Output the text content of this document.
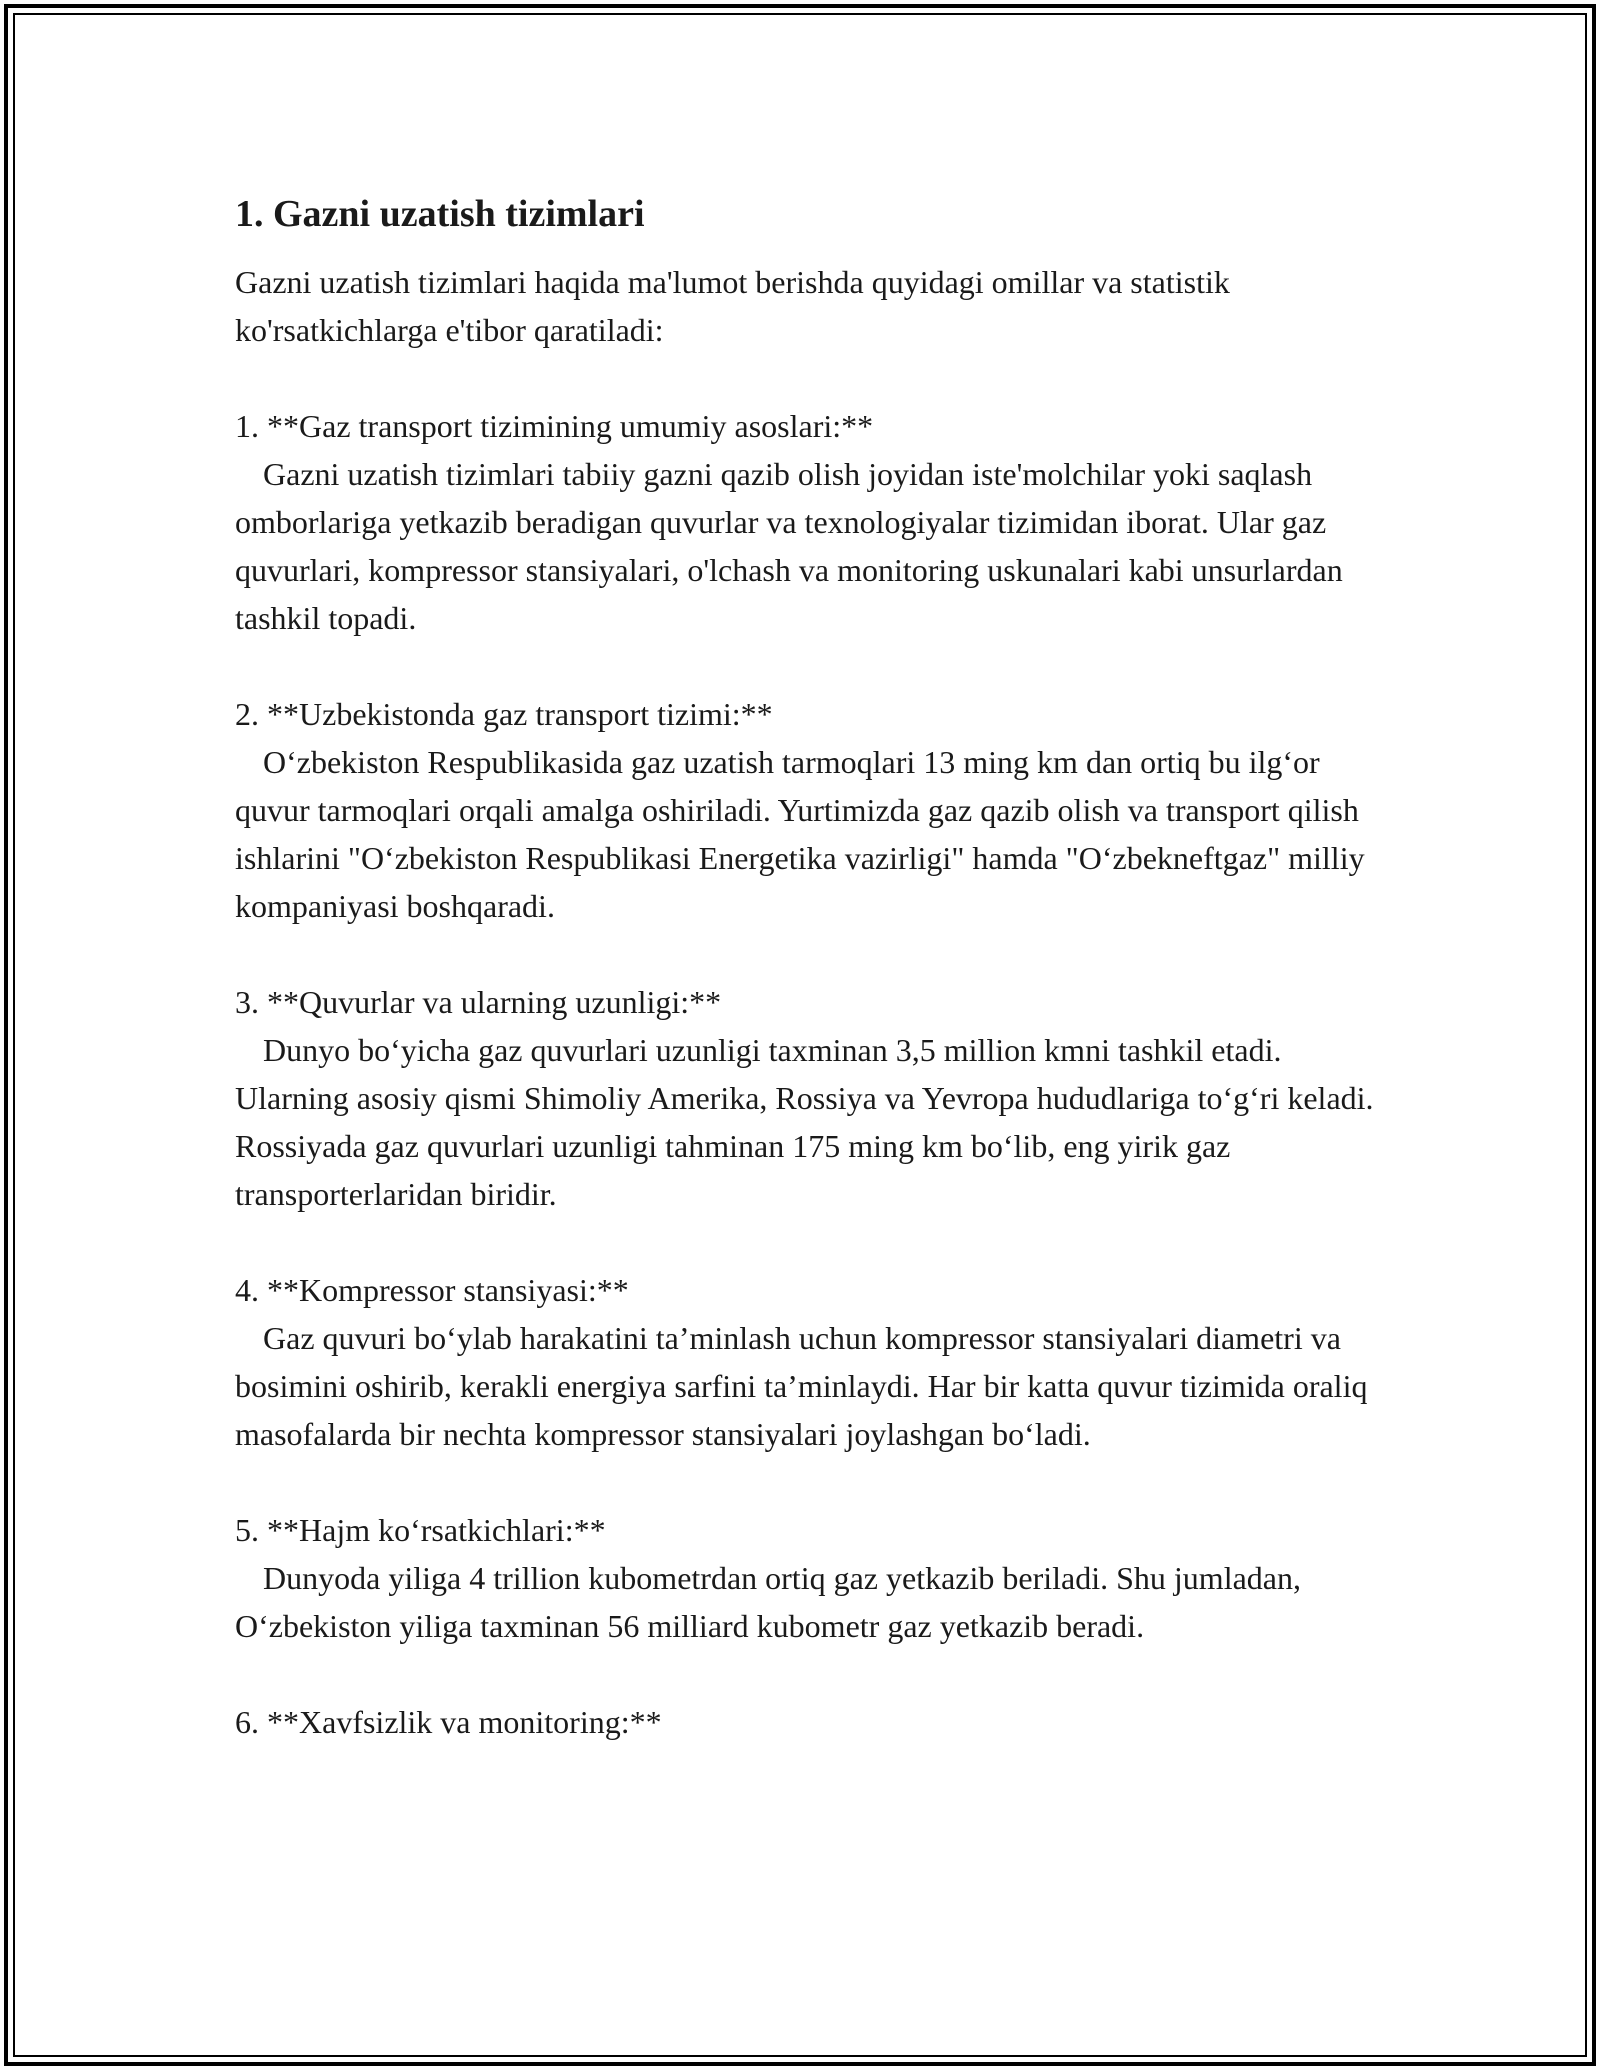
1. Gazni uzatish tizimlari

Gazni uzatish tizimlari haqida ma'lumot berishda quyidagi omillar va statistik ko'rsatkichlarga e'tibor qaratiladi:

1. **Gaz transport tizimining umumiy asoslari:**

Gazni uzatish tizimlari tabiiy gazni qazib olish joyidan iste'molchilar yoki saqlash omborlariga yetkazib beradigan quvurlar va texnologiyalar tizimidan iborat. Ular gaz quvurlari, kompressor stansiyalari, o'lchash va monitoring uskunalari kabi unsurlardan tashkil topadi.

2. **Uzbekistonda gaz transport tizimi:**

O‘zbekiston Respublikasida gaz uzatish tarmoqlari 13 ming km dan ortiq bu ilg‘or quvur tarmoqlari orqali amalga oshiriladi. Yurtimizda gaz qazib olish va transport qilish ishlarini "O‘zbekiston Respublikasi Energetika vazirligi" hamda "O‘zbekneftgaz" milliy kompaniyasi boshqaradi.

3. **Quvurlar va ularning uzunligi:**

Dunyo bo‘yicha gaz quvurlari uzunligi taxminan 3,5 million kmni tashkil etadi. Ularning asosiy qismi Shimoliy Amerika, Rossiya va Yevropa hududlariga to‘g‘ri keladi. Rossiyada gaz quvurlari uzunligi tahminan 175 ming km bo‘lib, eng yirik gaz transporterlaridan biridir.

4. **Kompressor stansiyasi:**

Gaz quvuri bo‘ylab harakatini ta’minlash uchun kompressor stansiyalari diametri va bosimini oshirib, kerakli energiya sarfini ta’minlaydi. Har bir katta quvur tizimida oraliq masofalarda bir nechta kompressor stansiyalari joylashgan bo‘ladi.

5. **Hajm ko‘rsatkichlari:**

Dunyoda yiliga 4 trillion kubometrdan ortiq gaz yetkazib beriladi. Shu jumladan, O‘zbekiston yiliga taxminan 56 milliard kubometr gaz yetkazib beradi.

6. **Xavfsizlik va monitoring:**
